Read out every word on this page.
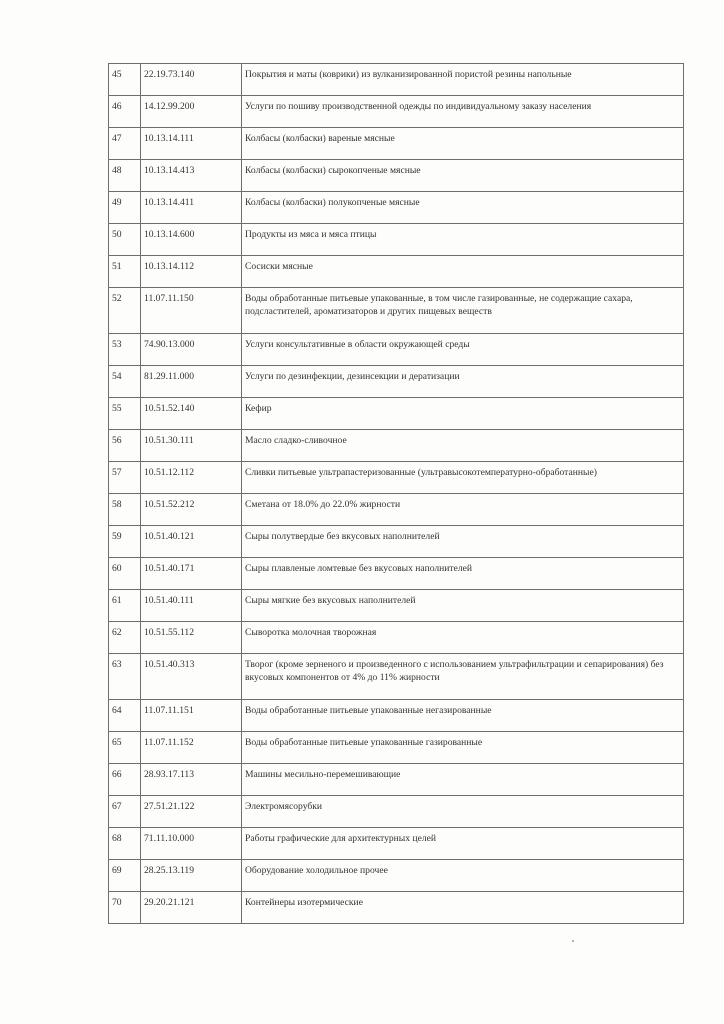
45	22.19.73.140	Покрытия и маты (коврики) из вулканизированной пористой резины напольные
46	14.12.99.200	Услуги по пошиву производственной одежды по индивидуальному заказу населения
47	10.13.14.111	Колбасы (колбаски) вареные мясные
48	10.13.14.413	Колбасы (колбаски) сырокопченые мясные
49	10.13.14.411	Колбасы (колбаски) полукопченые мясные
50	10.13.14.600	Продукты из мяса и мяса птицы
51	10.13.14.112	Сосиски мясные
52	11.07.11.150	Воды обработанные питьевые упакованные, в том числе газированные, не содержащие сахара, подсластителей, ароматизаторов и других пищевых веществ
53	74.90.13.000	Услуги консультативные в области окружающей среды
54	81.29.11.000	Услуги по дезинфекции, дезинсекции и дератизации
55	10.51.52.140	Кефир
56	10.51.30.111	Масло сладко-сливочное
57	10.51.12.112	Сливки питьевые ультрапастеризованные (ультравысокотемпературно-обработанные)
58	10.51.52.212	Сметана от 18.0% до 22.0% жирности
59	10.51.40.121	Сыры полутвердые без вкусовых наполнителей
60	10.51.40.171	Сыры плавленые ломтевые без вкусовых наполнителей
61	10.51.40.111	Сыры мягкие без вкусовых наполнителей
62	10.51.55.112	Сыворотка молочная творожная
63	10.51.40.313	Творог (кроме зерненого и произведенного с использованием ультрафильтрации и сепарирования) без вкусовых компонентов от 4% до 11% жирности
64	11.07.11.151	Воды обработанные питьевые упакованные негазированные
65	11.07.11.152	Воды обработанные питьевые упакованные газированные
66	28.93.17.113	Машины месильно-перемешивающие
67	27.51.21.122	Электромясорубки
68	71.11.10.000	Работы графические для архитектурных целей
69	28.25.13.119	Оборудование холодильное прочее
70	29.20.21.121	Контейнеры изотермические
